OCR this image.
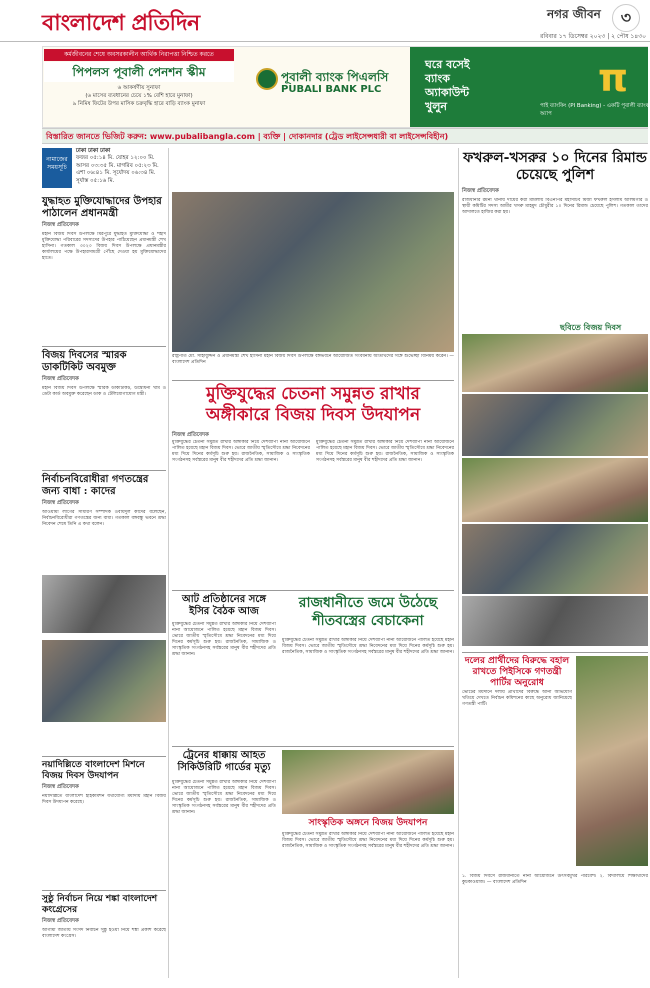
বাংলাদেশ প্রতিদিন	নগর জীবন	৩
রবিবার ১৭ ডিসেম্বর ২০২৩ | ২ পৌষ ১৪৩০
কর্মজীবনের শেষে অবসরকালীন আর্থিক নিরাপত্তা নিশ্চিত করতে
পিপলস পূবালী পেনশন স্কীম
৬ আকর্ষণীয় সুনাফা
(৬ মাসের ব্যবধানের চেয়ে ১% বেশি হারে মুনাফা)
৯ নিমিষ ফিটের উপর মাসিক চক্রবৃদ্ধি হারে বাড়ি ব্যাংক মুনাফা
পূবালী ব্যাংক পিএলসি
PUBALI BANK PLC
ঘরে বসেই
ব্যাংক
অ্যাকাউন্ট
খুলুন
π
পাই ব্যাংকিং (PI Banking) - একটি পূবালী ব্যাংক অ্যাপ
বিস্তারিত জানতে ভিজিট করুন: www.pubalibangla.com | ব্যক্তি | দোকানদার (ট্রেড লাইসেন্সধারী বা লাইসেন্সবিহীন)
নামাজের সময়সূচি
ঢাকা ঢাকা ঢাকা
ফজর ০৫:১৪ মি. যোহর ১২:০০ মি.
আসর ০৩:৩৫ মি. মাগরিব ০৫:২৩ মি.
এশা ০৬:৪১ মি. সূর্যোদয় ০৬:৩৪ মি.
সূর্যাস্ত ০৫:১৬ মি.
যুদ্ধাহত মুক্তিযোদ্ধাদের উপহার পাঠালেন প্রধানমন্ত্রী
নিজস্ব প্রতিবেদক
মহান বিজয় দিবস উপলক্ষে মিরপুরে যুদ্ধাহত মুক্তিযোদ্ধা ও শহীদ মুক্তিযোদ্ধা পরিবারের সদস্যদের উপহার পাঠিয়েছেন প্রধানমন্ত্রী শেখ হাসিনা। গতকাল ৩০২৩ বিজয় দিবস উপলক্ষে প্রধানমন্ত্রীর কার্যালয়ের পক্ষে উপহারসামগ্রী পৌঁছে দেওয়া হয় মুক্তিযোদ্ধাদের হাতে।
বিজয় দিবসের স্মারক ডাকটিকিট অবমুক্ত
নিজস্ব প্রতিবেদক
মহান বিজয় দিবস উপলক্ষে স্মারক ডাকটিকিট, উদ্বোধনী খাম ও ডেটা কার্ড অবমুক্ত করেছেন ডাক ও টেলিযোগাযোগ মন্ত্রী।
নির্বাচনবিরোধীরা গণতন্ত্রের জন্য বাধা : কাদের
নিজস্ব প্রতিবেদক
আওয়ামী লীগের সাধারণ সম্পাদক ওবায়দুল কাদের বলেছেন, নির্বাচনবিরোধীরা গণতন্ত্রের জন্য বাধা। গতকাল বঙ্গবন্ধু ভবনে শ্রদ্ধা নিবেদন শেষে তিনি এ কথা বলেন।
নয়াদিল্লিতে বাংলাদেশ মিশনে বিজয় দিবস উদযাপন
নিজস্ব প্রতিবেদক
নয়াদিল্লিতে বাংলাদেশ হাইকমিশন যথাযোগ্য মর্যাদায় মহান বিজয় দিবস উদযাপন করেছে।
সুষ্ঠু নির্বাচন নিয়ে শঙ্কা বাংলাদেশ কংগ্রেসের
নিজস্ব প্রতিবেদক
আগামী জাতীয় সংসদ নির্বাচন সুষ্ঠু হওয়া নিয়ে শঙ্কা প্রকাশ করেছে বাংলাদেশ কংগ্রেস।
রাষ্ট্রপতি মো. সাহাবুদ্দিন ও প্রধানমন্ত্রী শেখ হাসিনা মহান বিজয় দিবস উপলক্ষে বঙ্গভবনে আয়োজিত সংবর্ধনায় অতিথিদের সঙ্গে শুভেচ্ছা বিনিময় করেন। — বাংলাদেশ প্রতিদিন
মুক্তিযুদ্ধের চেতনা সমুন্নত রাখার অঙ্গীকারে বিজয় দিবস উদযাপন
নিজস্ব প্রতিবেদক
মুক্তিযুদ্ধের চেতনা সমুন্নত রাখার অঙ্গীকার নিয়ে দেশব্যাপী নানা আয়োজনে পালিত হয়েছে মহান বিজয় দিবস। ভোরে জাতীয় স্মৃতিসৌধে শ্রদ্ধা নিবেদনের মধ্য দিয়ে দিনের কর্মসূচি শুরু হয়। রাজনৈতিক, সামাজিক ও সাংস্কৃতিক সংগঠনসহ সর্বস্তরের মানুষ বীর শহীদদের প্রতি শ্রদ্ধা জানান।
মুক্তিযুদ্ধের চেতনা সমুন্নত রাখার অঙ্গীকার নিয়ে দেশব্যাপী নানা আয়োজনে পালিত হয়েছে মহান বিজয় দিবস। ভোরে জাতীয় স্মৃতিসৌধে শ্রদ্ধা নিবেদনের মধ্য দিয়ে দিনের কর্মসূচি শুরু হয়। রাজনৈতিক, সামাজিক ও সাংস্কৃতিক সংগঠনসহ সর্বস্তরের মানুষ বীর শহীদদের প্রতি শ্রদ্ধা জানান।
আট প্রতিষ্ঠানের সঙ্গে ইসির বৈঠক আজ
মুক্তিযুদ্ধের চেতনা সমুন্নত রাখার অঙ্গীকার নিয়ে দেশব্যাপী নানা আয়োজনে পালিত হয়েছে মহান বিজয় দিবস। ভোরে জাতীয় স্মৃতিসৌধে শ্রদ্ধা নিবেদনের মধ্য দিয়ে দিনের কর্মসূচি শুরু হয়। রাজনৈতিক, সামাজিক ও সাংস্কৃতিক সংগঠনসহ সর্বস্তরের মানুষ বীর শহীদদের প্রতি শ্রদ্ধা জানান।
রাজধানীতে জমে উঠেছে শীতবস্ত্রের বেচাকেনা
মুক্তিযুদ্ধের চেতনা সমুন্নত রাখার অঙ্গীকার নিয়ে দেশব্যাপী নানা আয়োজনে পালিত হয়েছে মহান বিজয় দিবস। ভোরে জাতীয় স্মৃতিসৌধে শ্রদ্ধা নিবেদনের মধ্য দিয়ে দিনের কর্মসূচি শুরু হয়। রাজনৈতিক, সামাজিক ও সাংস্কৃতিক সংগঠনসহ সর্বস্তরের মানুষ বীর শহীদদের প্রতি শ্রদ্ধা জানান।
ট্রেনের ধাক্কায় আহত সিকিউরিটি গার্ডের মৃত্যু
মুক্তিযুদ্ধের চেতনা সমুন্নত রাখার অঙ্গীকার নিয়ে দেশব্যাপী নানা আয়োজনে পালিত হয়েছে মহান বিজয় দিবস। ভোরে জাতীয় স্মৃতিসৌধে শ্রদ্ধা নিবেদনের মধ্য দিয়ে দিনের কর্মসূচি শুরু হয়। রাজনৈতিক, সামাজিক ও সাংস্কৃতিক সংগঠনসহ সর্বস্তরের মানুষ বীর শহীদদের প্রতি শ্রদ্ধা জানান।
সাংস্কৃতিক অঙ্গনে বিজয় উদযাপন
মুক্তিযুদ্ধের চেতনা সমুন্নত রাখার অঙ্গীকার নিয়ে দেশব্যাপী নানা আয়োজনে পালিত হয়েছে মহান বিজয় দিবস। ভোরে জাতীয় স্মৃতিসৌধে শ্রদ্ধা নিবেদনের মধ্য দিয়ে দিনের কর্মসূচি শুরু হয়। রাজনৈতিক, সামাজিক ও সাংস্কৃতিক সংগঠনসহ সর্বস্তরের মানুষ বীর শহীদদের প্রতি শ্রদ্ধা জানান।
ফখরুল-খসরুর ১০ দিনের রিমান্ড চেয়েছে পুলিশ
নিজস্ব প্রতিবেদক
রাজধানীর রমনা থানায় দায়ের করা মামলায় বিএনপির মহাসচিব মির্জা ফখরুল ইসলাম আলমগীর ও স্থায়ী কমিটির সদস্য আমীর খসরু মাহমুদ চৌধুরীর ১০ দিনের রিমান্ড চেয়েছে পুলিশ। গতকাল তাদের আদালতে হাজির করা হয়।
ছবিতে বিজয় দিবস
দলের প্রার্থীদের বিরুদ্ধে বহাল রাখতে পিইসিকে গণতন্ত্রী পার্টির অনুরোধ
ভোটের ময়দানে দলীয় প্রার্থীদের বিরুদ্ধে আনা অভিযোগ খতিয়ে দেখতে নির্বাচন কমিশনের কাছে অনুরোধ জানিয়েছে গণতন্ত্রী পার্টি।
১. বিজয় দিবসে রাজধানীতে নানা আয়োজনে উৎসবমুখর পরিবেশ। ২. বিদ্যালয়ে শিক্ষার্থীদের কুচকাওয়াজ। — বাংলাদেশ প্রতিদিন
